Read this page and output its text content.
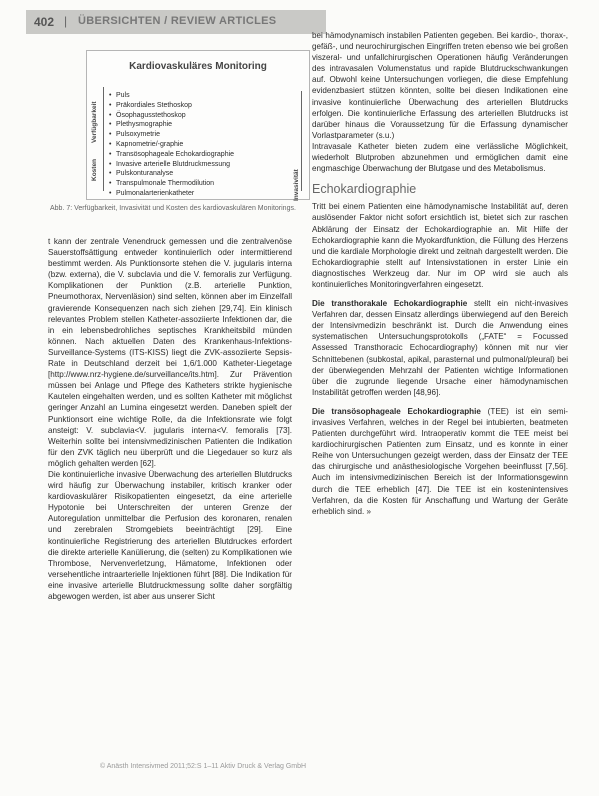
402 | ÜBERSICHTEN / REVIEW ARTICLES
Kardiovaskuläres Monitoring
Verfügbarkeit
Kosten	Invasivität
• Puls
• Präkordiales Stethoskop
• Ösophagusstethoskop
• Plethysmographie
• Pulsoxymetrie
• Kapnometrie/-graphie
• Transösophageale Echokardiographie
• Invasive arterielle Blutdruckmessung
• Pulskonturanalyse
• Transpulmonale Thermodilution
• Pulmonalarterienkatheter
Abb. 7: Verfügbarkeit, Invasivität und Kosten des kardiovaskulären Monitorings.

t kann der zentrale Venendruck gemessen und die zentralvenöse Sauerstoffsättigung entweder kontinuierlich oder intermittierend bestimmt werden. Als Punktionsorte stehen die V. jugularis interna (bzw. externa), die V. subclavia und die V. femoralis zur Verfügung. Komplikationen der Punktion (z.B. arterielle Punktion, Pneumothorax, Nervenläsion) sind selten, können aber im Einzelfall gravierende Konsequenzen nach sich ziehen [29,74]. Ein klinisch relevantes Problem stellen Katheter-assoziierte Infektionen dar, die in ein lebensbedrohliches septisches Krankheitsbild münden können. Nach aktuellen Daten des Krankenhaus-Infektions-Surveillance-Systems (ITS-KISS) liegt die ZVK-assoziierte Sepsis-Rate in Deutschland derzeit bei 1,6/1.000 Katheter-Liegetage [http://www.nrz-hygiene.de/surveillance/its.htm]. Zur Prävention müssen bei Anlage und Pflege des Katheters strikte hygienische Kautelen eingehalten werden, und es sollten Katheter mit möglichst geringer Anzahl an Lumina eingesetzt werden. Daneben spielt der Punktionsort eine wichtige Rolle, da die Infektionsrate wie folgt ansteigt: V. subclavia<V. jugularis interna<V. femoralis [73]. Weiterhin sollte bei intensivmedizinischen Patienten die Indikation für den ZVK täglich neu überprüft und die Liegedauer so kurz als möglich gehalten werden [62].

Die kontinuierliche invasive Überwachung des arteriellen Blutdrucks wird häufig zur Überwachung instabiler, kritisch kranker oder kardiovaskulärer Risikopatienten eingesetzt, da eine arterielle Hypotonie bei Unterschreiten der unteren Grenze der Autoregulation unmittelbar die Perfusion des koronaren, renalen und zerebralen Stromgebiets beeinträchtigt [29]. Eine kontinuierliche Registrierung des arteriellen Blutdruckes erfordert die direkte arterielle Kanülierung, die (selten) zu Komplikationen wie Thrombose, Nervenverletzung, Hämatome, Infektionen oder versehentliche intraarterielle Injektionen führt [88]. Die Indikation für eine invasive arterielle Blutdruckmessung sollte daher sorgfältig abgewogen werden, ist aber aus unserer Sicht

bei hämodynamisch instabilen Patienten gegeben. Bei kardio-, thorax-, gefäß-, und neurochirurgischen Eingriffen treten ebenso wie bei großen viszeral- und unfallchirurgischen Operationen häufig Veränderungen des intravasalen Volumenstatus und rapide Blutdruckschwankungen auf. Obwohl keine Untersuchungen vorliegen, die diese Empfehlung evidenzbasiert stützen könnten, sollte bei diesen Indikationen eine invasive kontinuierliche Überwachung des arteriellen Blutdrucks erfolgen. Die kontinuierliche Erfassung des arteriellen Blutdrucks ist darüber hinaus die Voraussetzung für die Erfassung dynamischer Vorlastparameter (s.u.)

Intravasale Katheter bieten zudem eine verlässliche Möglichkeit, wiederholt Blutproben abzunehmen und ermöglichen damit eine engmaschige Überwachung der Blutgase und des Metabolismus.

Echokardiographie

Tritt bei einem Patienten eine hämodynamische Instabilität auf, deren auslösender Faktor nicht sofort ersichtlich ist, bietet sich zur raschen Abklärung der Einsatz der Echokardiographie an. Mit Hilfe der Echokardiographie kann die Myokardfunktion, die Füllung des Herzens und die kardiale Morphologie direkt und zeitnah dargestellt werden. Die Echokardiographie stellt auf Intensivstationen in erster Linie ein diagnostisches Werkzeug dar. Nur im OP wird sie auch als kontinuierliches Monitoringverfahren eingesetzt.

Die transthorakale Echokardiographie stellt ein nicht-invasives Verfahren dar, dessen Einsatz allerdings überwiegend auf den Bereich der Intensivmedizin beschränkt ist. Durch die Anwendung eines systematischen Untersuchungsprotokolls („FATE“ = Focussed Assessed Transthoracic Echocardiography) können mit nur vier Schnittebenen (subkostal, apikal, parasternal und pulmonal/pleural) bei der überwiegenden Mehrzahl der Patienten wichtige Informationen über die zugrunde liegende Ursache einer hämodynamischen Instabilität getroffen werden [48,96].

Die transösophageale Echokardiographie (TEE) ist ein semi-invasives Verfahren, welches in der Regel bei intubierten, beatmeten Patienten durchgeführt wird. Intraoperativ kommt die TEE meist bei kardiochirurgischen Patienten zum Einsatz, und es konnte in einer Reihe von Untersuchungen gezeigt werden, dass der Einsatz der TEE das chirurgische und anästhesiologische Vorgehen beeinflusst [7,56]. Auch im intensivmedizinischen Bereich ist der Informationsgewinn durch die TEE erheblich [47]. Die TEE ist ein kostenintensives Verfahren, da die Kosten für Anschaffung und Wartung der Geräte erheblich sind. »

© Anästh Intensivmed 2011;52:S 1–11 Aktiv Druck & Verlag GmbH
